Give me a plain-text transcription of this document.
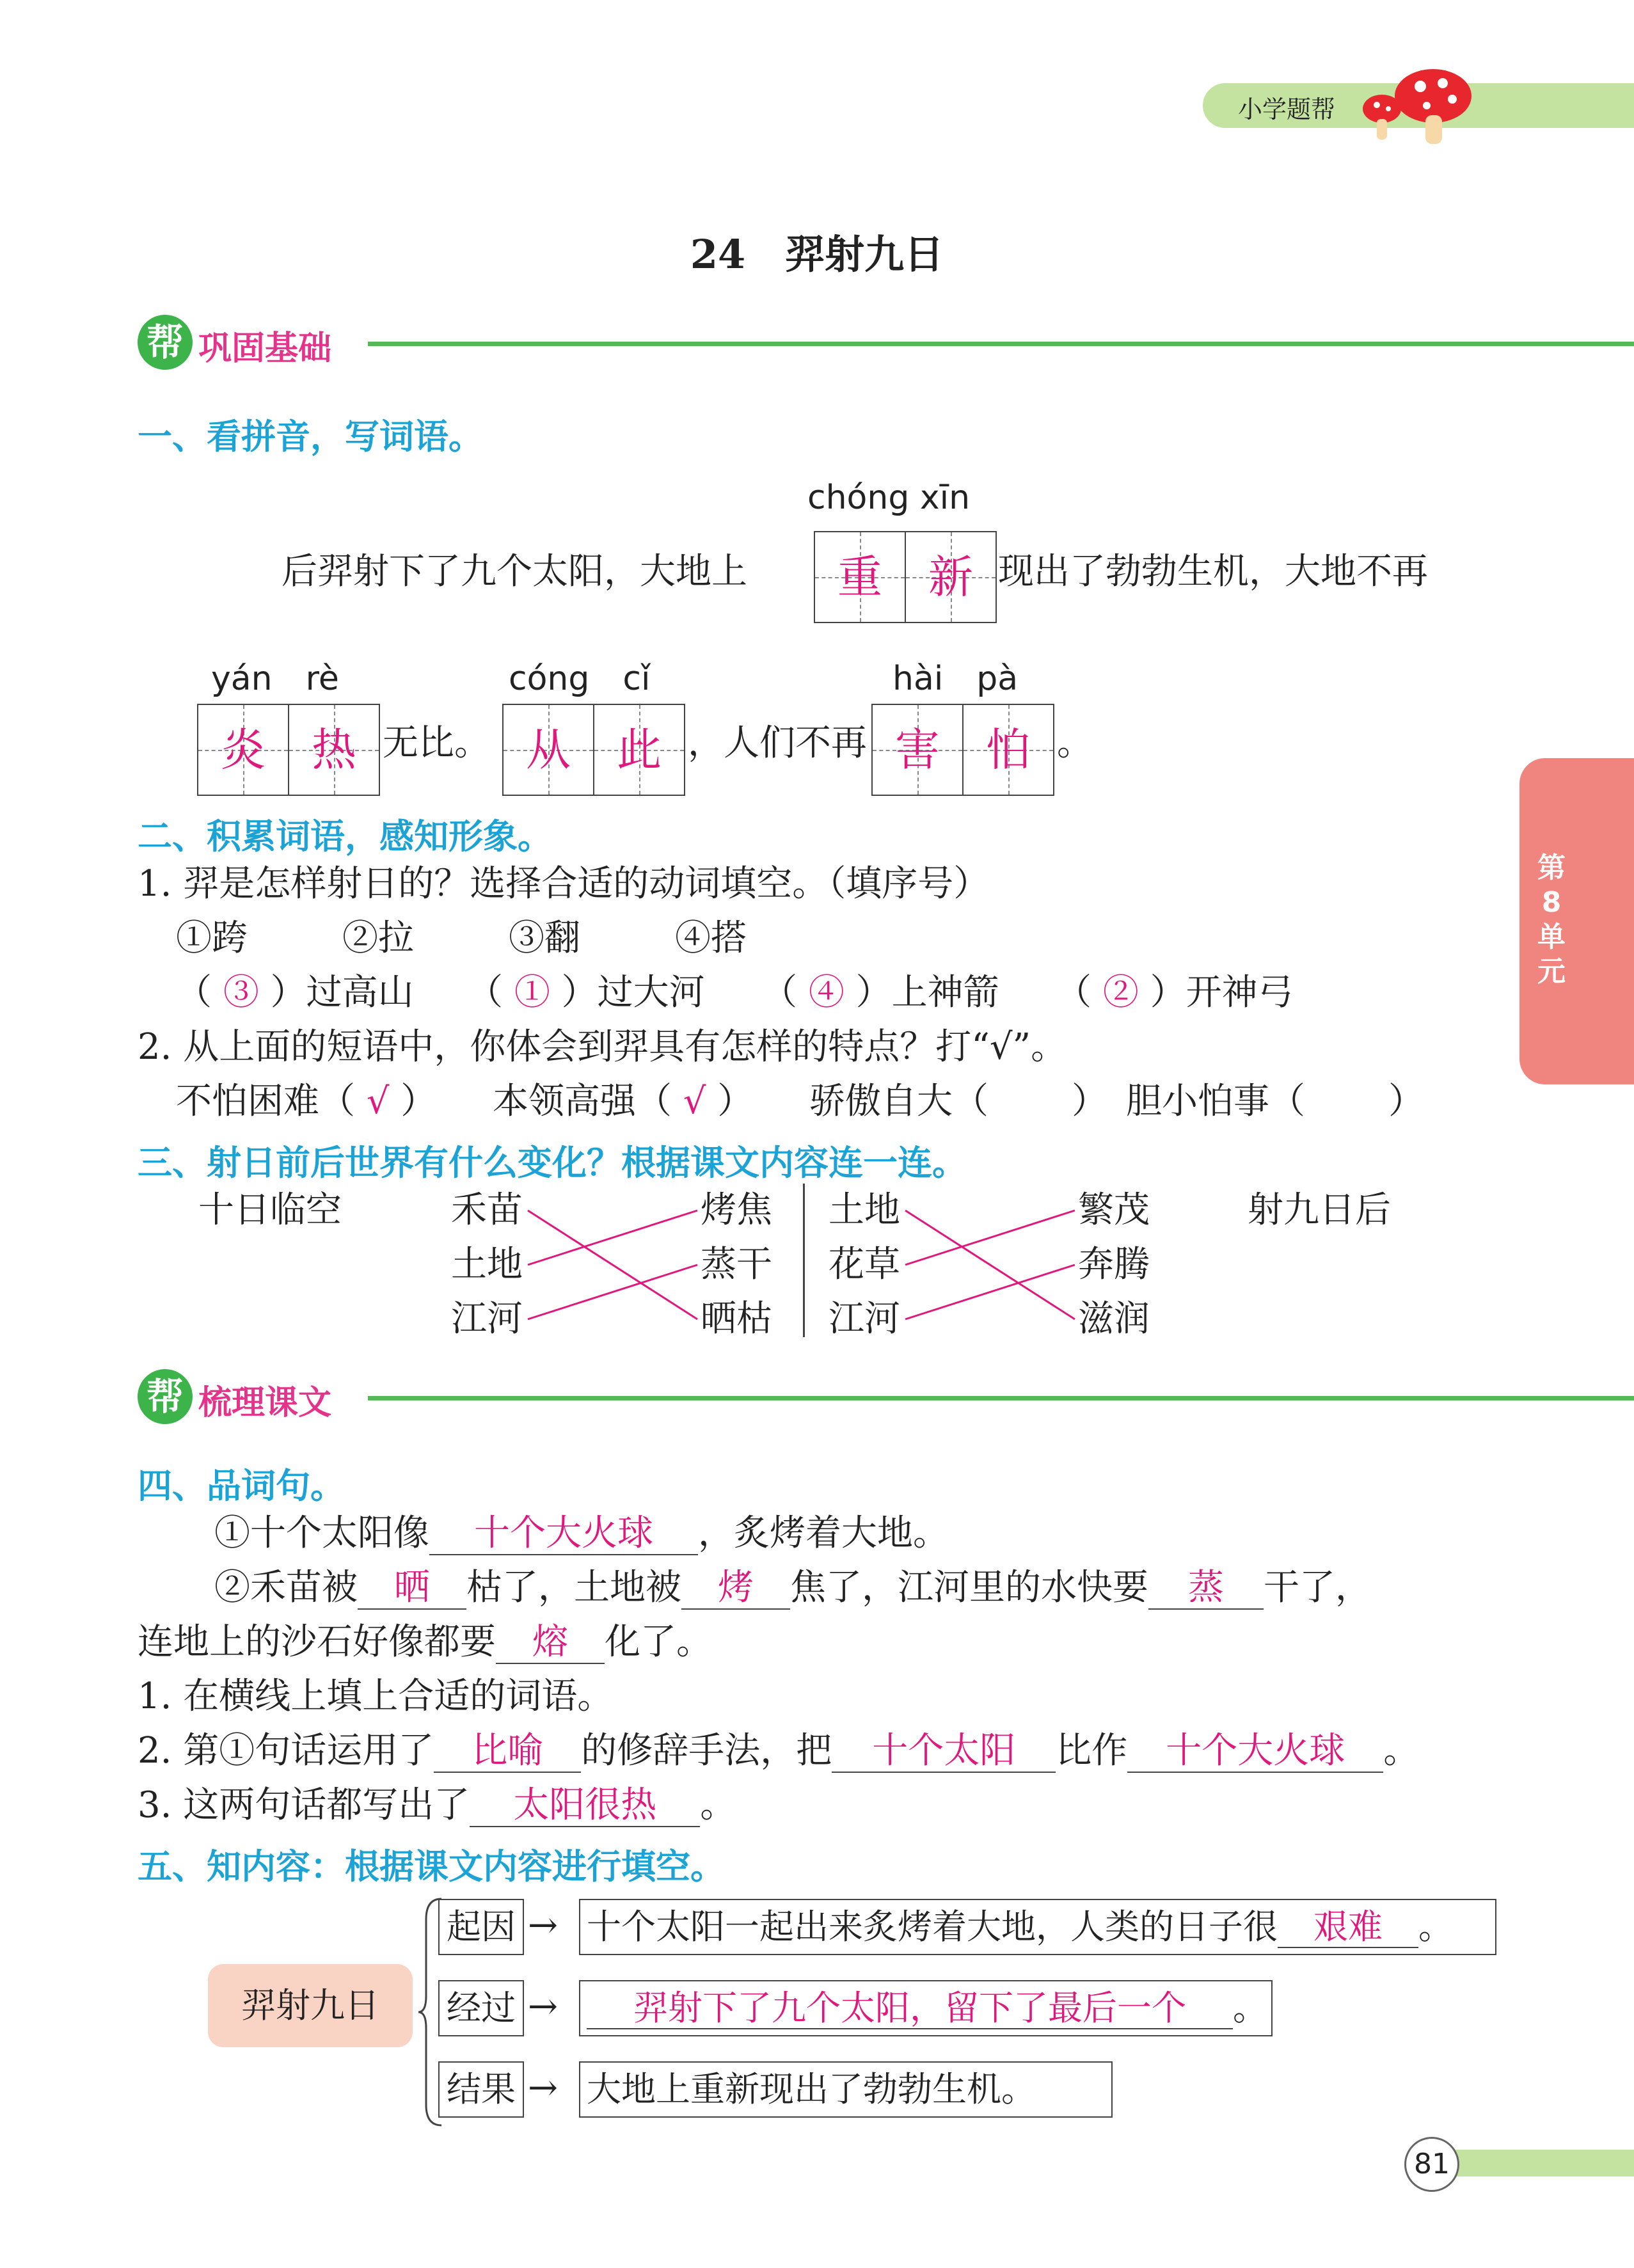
小学题帮
24　羿射九日
帮 巩固基础
一、看拼音，写词语。
chóng xīn
后羿射下了九个太阳，大地上	重	新 现出了勃勃生机，大地不再
yán　rè	cóng　cǐ	hài　pà
炎	热 无比。 从	此 ，人们不再 害	怕 。
二、积累词语，感知形象。
1. 羿是怎样射日的？选择合适的动词填空。（填序号）
①跨	②拉	③翻	④搭
（ ③ ）过高山 （ ① ）过大河 （ ④ ）上神箭 （ ② ）开神弓
2. 从上面的短语中，你体会到羿具有怎样的特点？打“√”。
不怕困难（ √ ） 本领高强（ √ ） 骄傲自大（ ） 胆小怕事（ ）
三、射日前后世界有什么变化？根据课文内容连一连。
十日临空	禾苗
土地
江河
烤焦
蒸干
晒枯
土地
花草
江河
繁茂
奔腾
滋润
射九日后
帮 梳理课文
四、品词句。
①十个太阳像 十个大火球 ，炙烤着大地。
②禾苗被 晒 枯了，土地被 烤 焦了，江河里的水快要 蒸 干了，
连地上的沙石好像都要 熔 化了。
1. 在横线上填上合适的词语。
2. 第①句话运用了 比喻 的修辞手法，把 十个太阳 比作 十个大火球 。
3. 这两句话都写出了 太阳很热 。
五、知内容：根据课文内容进行填空。
羿射九日
起因 → 十个太阳一起出来炙烤着大地，人类的日子很 艰难 。
经过 →	羿射下了九个太阳，留下了最后一个 。
结果 → 大地上重新现出了勃勃生机。
第8单元
81
